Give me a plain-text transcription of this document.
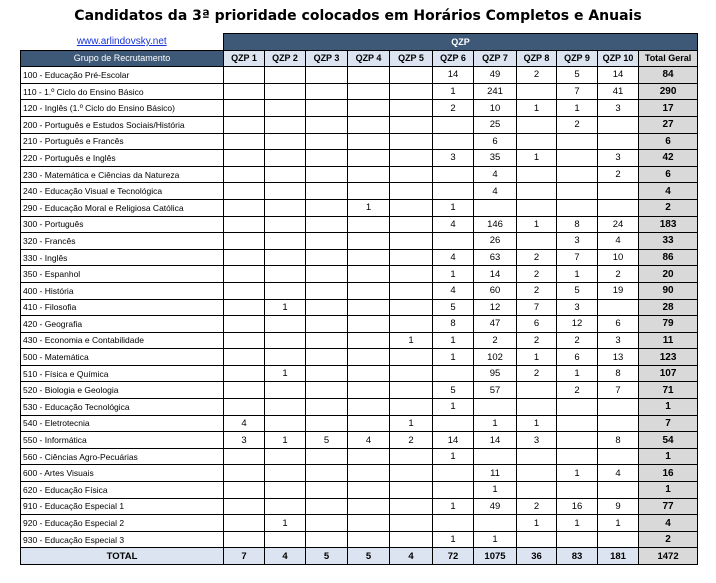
Candidatos da 3ª prioridade colocados em Horários Completos e Anuais
www.arlindovsky.net	QZP										
Grupo de Recrutamento	QZP 1	QZP 2	QZP 3	QZP 4	QZP 5	QZP 6	QZP 7	QZP 8	QZP 9	QZP 10	Total Geral
100 - Educação Pré-Escolar						14	49	2	5	14	84
110 - 1.º Ciclo do Ensino Básico						1	241		7	41	290
120 - Inglês (1.º Ciclo do Ensino Básico)						2	10	1	1	3	17
200 - Português e Estudos Sociais/História							25		2		27
210 - Português e Francês							6				6
220 - Português e Inglês						3	35	1		3	42
230 - Matemática e Ciências da Natureza							4			2	6
240 - Educação Visual e Tecnológica							4				4
290 - Educação Moral e Religiosa Católica				1		1					2
300 - Português						4	146	1	8	24	183
320 - Francês							26		3	4	33
330 - Inglês						4	63	2	7	10	86
350 - Espanhol						1	14	2	1	2	20
400 - História						4	60	2	5	19	90
410 - Filosofia		1				5	12	7	3		28
420 - Geografia						8	47	6	12	6	79
430 - Economia e Contabilidade					1	1	2	2	2	3	11
500 - Matemática						1	102	1	6	13	123
510 - Física e Química		1					95	2	1	8	107
520 - Biologia e Geologia						5	57		2	7	71
530 - Educação Tecnológica						1					1
540 - Eletrotecnia	4				1		1	1			7
550 - Informática	3	1	5	4	2	14	14	3		8	54
560 - Ciências Agro-Pecuárias						1					1
600 - Artes Visuais							11		1	4	16
620 - Educação Física							1				1
910 - Educação Especial 1						1	49	2	16	9	77
920 - Educação Especial 2		1						1	1	1	4
930 - Educação Especial 3						1	1				2
TOTAL	7	4	5	5	4	72	1075	36	83	181	1472
